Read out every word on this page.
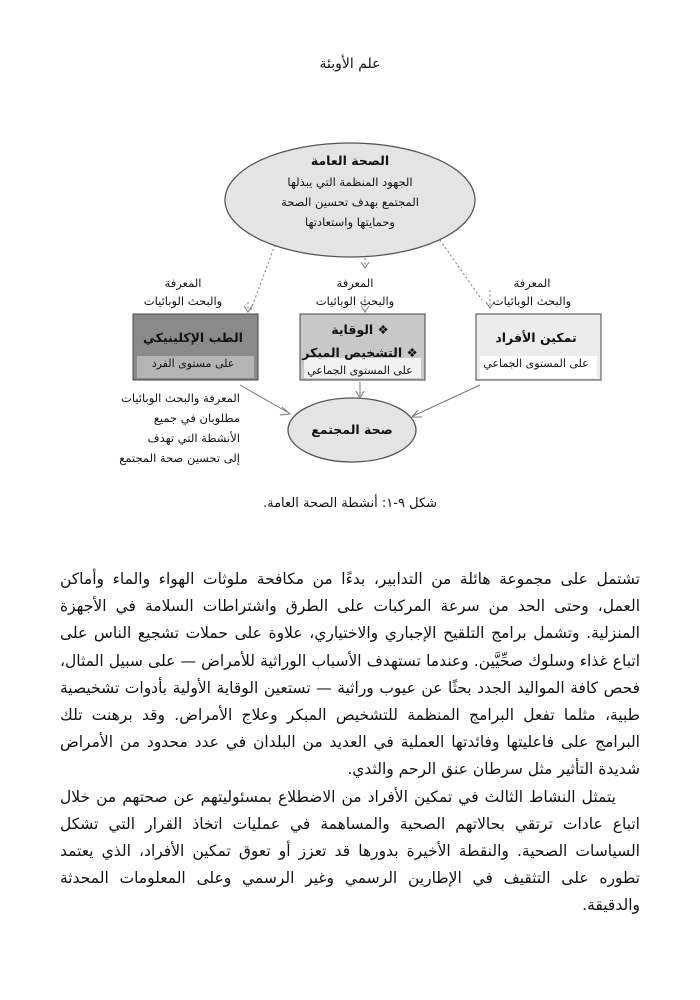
علم الأوبئة
الصحة العامة
الجهود المنظمة التي يبذلها
المجتمع بهدف تحسين الصحة
وحمايتها واستعادتها
المعرفة
والبحث الوبائيات
المعرفة
والبحث الوبائيات
المعرفة
والبحث الوبائيات
الطب الإكلينيكي
على مستوى الفرد
❖ الوقاية
❖ التشخيص المبكر
على المستوى الجماعي
تمكين الأفراد
على المستوى الجماعي
صحة المجتمع
المعرفة والبحث الوبائيات
مطلوبان في جميع
الأنشطة التي تهدف
إلى تحسين صحة المجتمع
شكل ٩-١: أنشطة الصحة العامة.

تشتمل على مجموعة هائلة من التدابير، بدءًا من مكافحة ملوثات الهواء والماء وأماكن العمل، وحتى الحد من سرعة المركبات على الطرق واشتراطات السلامة في الأجهزة المنزلية. وتشمل برامج التلقيح الإجباري والاختياري، علاوة على حملات تشجيع الناس على اتباع غذاء وسلوك صحِّيَّين. وعندما تستهدف الأسباب الوراثية للأمراض — على سبيل المثال، فحص كافة المواليد الجدد بحثًا عن عيوب وراثية — تستعين الوقاية الأولية بأدوات تشخيصية طبية، مثلما تفعل البرامج المنظمة للتشخيص المبكر وعلاج الأمراض. وقد برهنت تلك البرامج على فاعليتها وفائدتها العملية في العديد من البلدان في عدد محدود من الأمراض شديدة التأثير مثل سرطان عنق الرحم والثدي.

يتمثل النشاط الثالث في تمكين الأفراد من الاضطلاع بمسئوليتهم عن صحتهم من خلال اتباع عادات ترتقي بحالاتهم الصحية والمساهمة في عمليات اتخاذ القرار التي تشكل السياسات الصحية. والنقطة الأخيرة بدورها قد تعزز أو تعوق تمكين الأفراد، الذي يعتمد تطوره على التثقيف في الإطارين الرسمي وغير الرسمي وعلى المعلومات المحدثة والدقيقة.
